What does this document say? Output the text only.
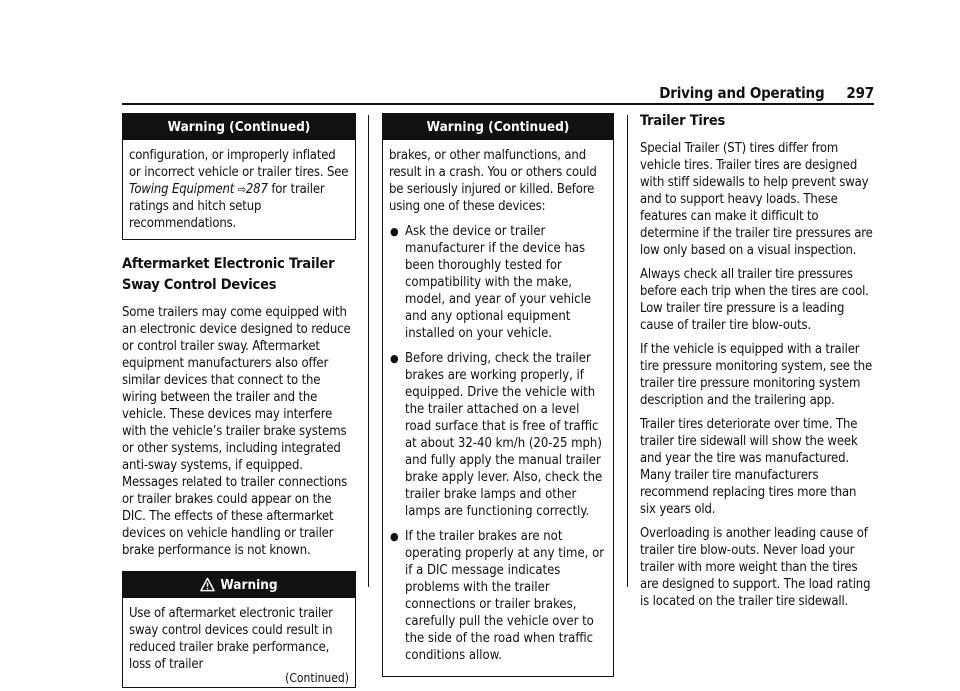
Driving and Operating 297
Warning (Continued)

configuration, or improperly inflated or incorrect vehicle or trailer tires. See Towing Equipment ⇨287 for trailer ratings and hitch setup recommendations.

Aftermarket Electronic Trailer Sway Control Devices

Some trailers may come equipped with an electronic device designed to reduce or control trailer sway. Aftermarket equipment manufacturers also offer similar devices that connect to the wiring between the trailer and the vehicle. These devices may interfere with the vehicle’s trailer brake systems or other systems, including integrated anti-sway systems, if equipped. Messages related to trailer connections or trailer brakes could appear on the DIC. The effects of these aftermarket devices on vehicle handling or trailer brake performance is not known.

Warning

Use of aftermarket electronic trailer sway control devices could result in reduced trailer brake performance, loss of trailer

(Continued)
Warning (Continued)

brakes, or other malfunctions, and result in a crash. You or others could be seriously injured or killed. Before using one of these devices:

● Ask the device or trailer manufacturer if the device has been thoroughly tested for compatibility with the make, model, and year of your vehicle and any optional equipment installed on your vehicle.
● Before driving, check the trailer brakes are working properly, if equipped. Drive the vehicle with the trailer attached on a level road surface that is free of traffic at about 32-40 km/h (20-25 mph) and fully apply the manual trailer brake apply lever. Also, check the trailer brake lamps and other lamps are functioning correctly.
● If the trailer brakes are not operating properly at any time, or if a DIC message indicates problems with the trailer connections or trailer brakes, carefully pull the vehicle over to the side of the road when traffic conditions allow.
Trailer Tires

Special Trailer (ST) tires differ from vehicle tires. Trailer tires are designed with stiff sidewalls to help prevent sway and to support heavy loads. These features can make it difficult to determine if the trailer tire pressures are low only based on a visual inspection.

Always check all trailer tire pressures before each trip when the tires are cool. Low trailer tire pressure is a leading cause of trailer tire blow-outs.

If the vehicle is equipped with a trailer tire pressure monitoring system, see the trailer tire pressure monitoring system description and the trailering app.

Trailer tires deteriorate over time. The trailer tire sidewall will show the week and year the tire was manufactured. Many trailer tire manufacturers recommend replacing tires more than six years old.

Overloading is another leading cause of trailer tire blow-outs. Never load your trailer with more weight than the tires are designed to support. The load rating is located on the trailer tire sidewall.
